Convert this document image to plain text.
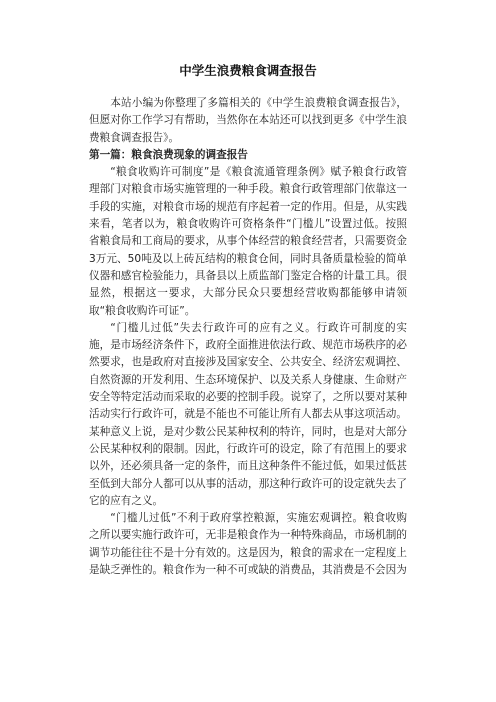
中学生浪费粮食调查报告

本站小编为你整理了多篇相关的《中学生浪费粮食调查报告》，但愿对你工作学习有帮助，当然你在本站还可以找到更多《中学生浪费粮食调查报告》。

第一篇：粮食浪费现象的调查报告

“粮食收购许可制度”是《粮食流通管理条例》赋予粮食行政管理部门对粮食市场实施管理的一种手段。粮食行政管理部门依靠这一手段的实施，对粮食市场的规范有序起着一定的作用。但是，从实践来看，笔者以为，粮食收购许可资格条件“门槛儿”设置过低。按照省粮食局和工商局的要求，从事个体经营的粮食经营者，只需要资金3万元、50吨及以上砖瓦结构的粮食仓间，同时具备质量检验的简单仪器和感官检验能力，具备县以上质监部门鉴定合格的计量工具。很显然，根据这一要求，大部分民众只要想经营收购都能够申请领取“粮食收购许可证”。

“门槛儿过低”失去行政许可的应有之义。行政许可制度的实施，是市场经济条件下，政府全面推进依法行政、规范市场秩序的必然要求，也是政府对直接涉及国家安全、公共安全、经济宏观调控、自然资源的开发利用、生态环境保护、以及关系人身健康、生命财产安全等特定活动而采取的必要的控制手段。说穿了，之所以要对某种活动实行行政许可，就是不能也不可能让所有人都去从事这项活动。某种意义上说，是对少数公民某种权利的特许，同时，也是对大部分公民某种权利的限制。因此，行政许可的设定，除了有范围上的要求以外，还必须具备一定的条件，而且这种条件不能过低，如果过低甚至低到大部分人都可以从事的活动，那这种行政许可的设定就失去了它的应有之义。

“门槛儿过低”不利于政府掌控粮源，实施宏观调控。粮食收购之所以要实施行政许可，无非是粮食作为一种特殊商品，市场机制的调节功能往往不是十分有效的。这是因为，粮食的需求在一定程度上是缺乏弹性的。粮食作为一种不可或缺的消费品，其消费是不会因为
